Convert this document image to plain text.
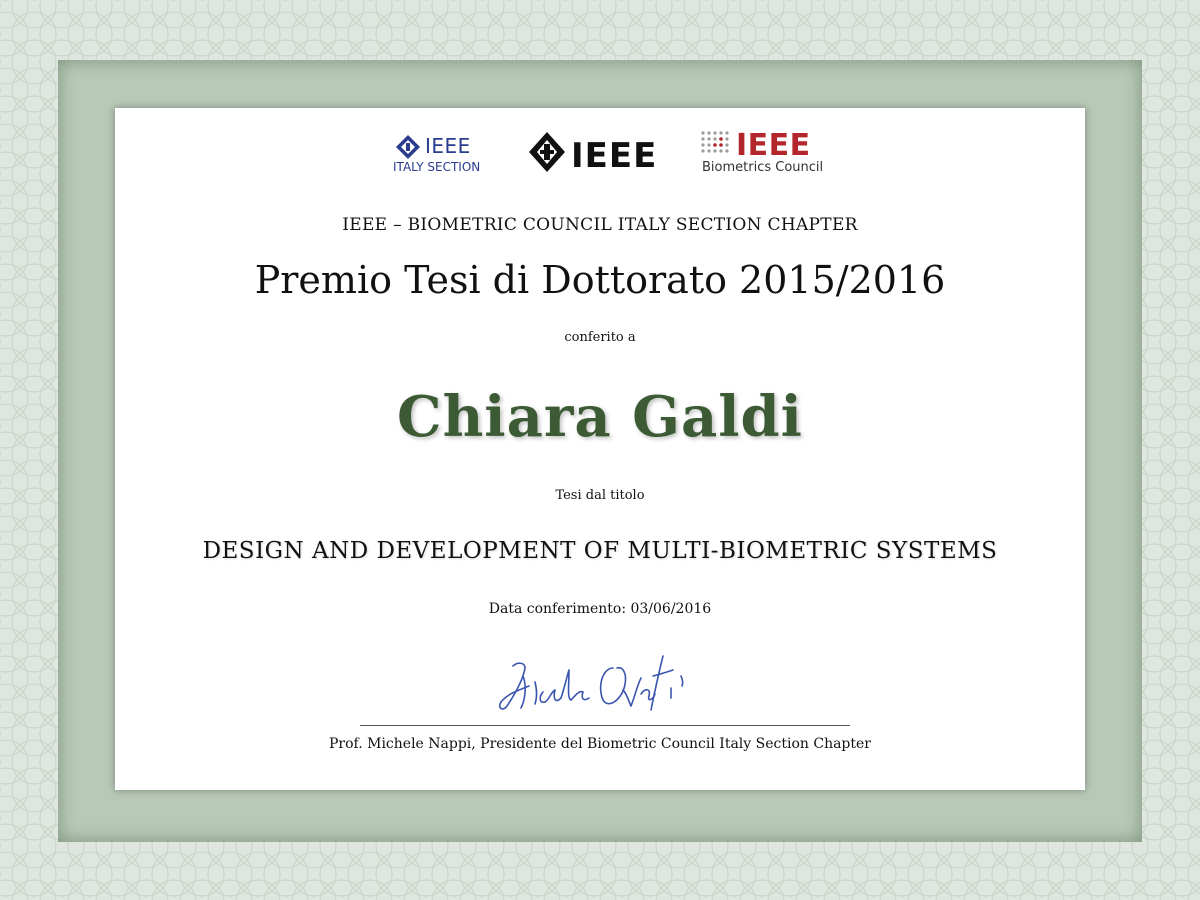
IEEE
ITALY SECTION	IEEE	IEEE
Biometrics Council

IEEE – BIOMETRIC COUNCIL ITALY SECTION CHAPTER

Premio Tesi di Dottorato 2015/2016

conferito a

Chiara Galdi

Tesi dal titolo

DESIGN AND DEVELOPMENT OF MULTI-BIOMETRIC SYSTEMS

Data conferimento: 03/06/2016

Prof. Michele Nappi, Presidente del Biometric Council Italy Section Chapter
